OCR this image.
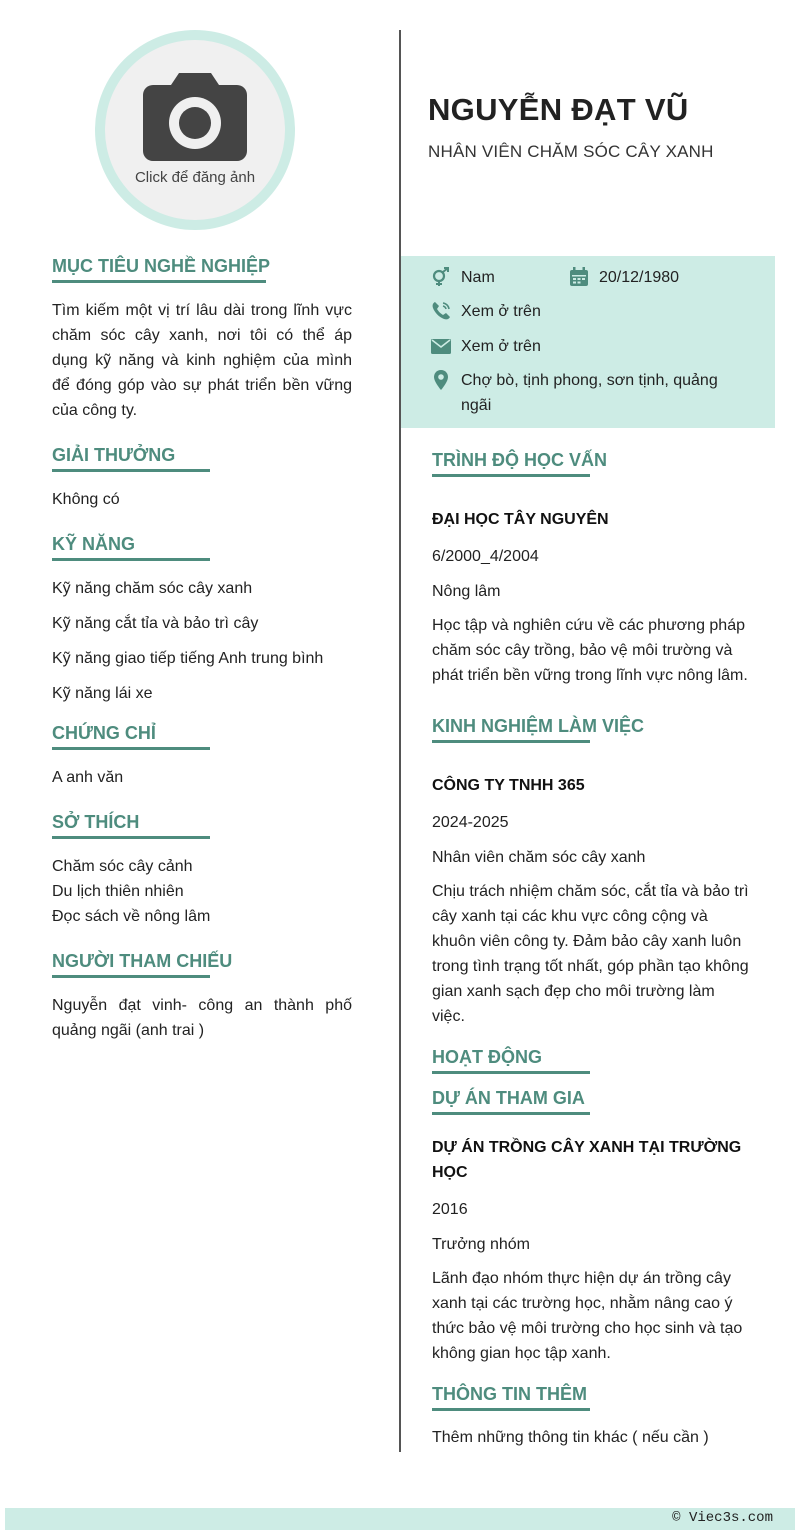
Click để đăng ảnh
NGUYỄN ĐẠT VŨ
NHÂN VIÊN CHĂM SÓC CÂY XANH
Nam	20/12/1980
Xem ở trên
Xem ở trên
Chợ bò, tịnh phong, sơn tịnh, quảng ngãi
MỤC TIÊU NGHỀ NGHIỆP
Tìm kiếm một vị trí lâu dài trong lĩnh vực chăm sóc cây xanh, nơi tôi có thể áp dụng kỹ năng và kinh nghiệm của mình để đóng góp vào sự phát triển bền vững của công ty.
GIẢI THƯỞNG
Không có
KỸ NĂNG
Kỹ năng chăm sóc cây xanh
Kỹ năng cắt tỉa và bảo trì cây
Kỹ năng giao tiếp tiếng Anh trung bình
Kỹ năng lái xe
CHỨNG CHỈ
A anh văn
SỞ THÍCH
Chăm sóc cây cảnh
Du lịch thiên nhiên
Đọc sách về nông lâm
NGƯỜI THAM CHIẾU
Nguyễn đạt vinh- công an thành phố quảng ngãi (anh trai )
TRÌNH ĐỘ HỌC VẤN
ĐẠI HỌC TÂY NGUYÊN
6/2000_4/2004
Nông lâm
Học tập và nghiên cứu về các phương pháp chăm sóc cây trồng, bảo vệ môi trường và phát triển bền vững trong lĩnh vực nông lâm.
KINH NGHIỆM LÀM VIỆC
CÔNG TY TNHH 365
2024-2025
Nhân viên chăm sóc cây xanh
Chịu trách nhiệm chăm sóc, cắt tỉa và bảo trì cây xanh tại các khu vực công cộng và khuôn viên công ty. Đảm bảo cây xanh luôn trong tình trạng tốt nhất, góp phần tạo không gian xanh sạch đẹp cho môi trường làm việc.
HOẠT ĐỘNG
DỰ ÁN THAM GIA
DỰ ÁN TRỒNG CÂY XANH TẠI TRƯỜNG HỌC
2016
Trưởng nhóm
Lãnh đạo nhóm thực hiện dự án trồng cây xanh tại các trường học, nhằm nâng cao ý thức bảo vệ môi trường cho học sinh và tạo không gian học tập xanh.
THÔNG TIN THÊM
Thêm những thông tin khác ( nếu cần )
© Viec3s.com
